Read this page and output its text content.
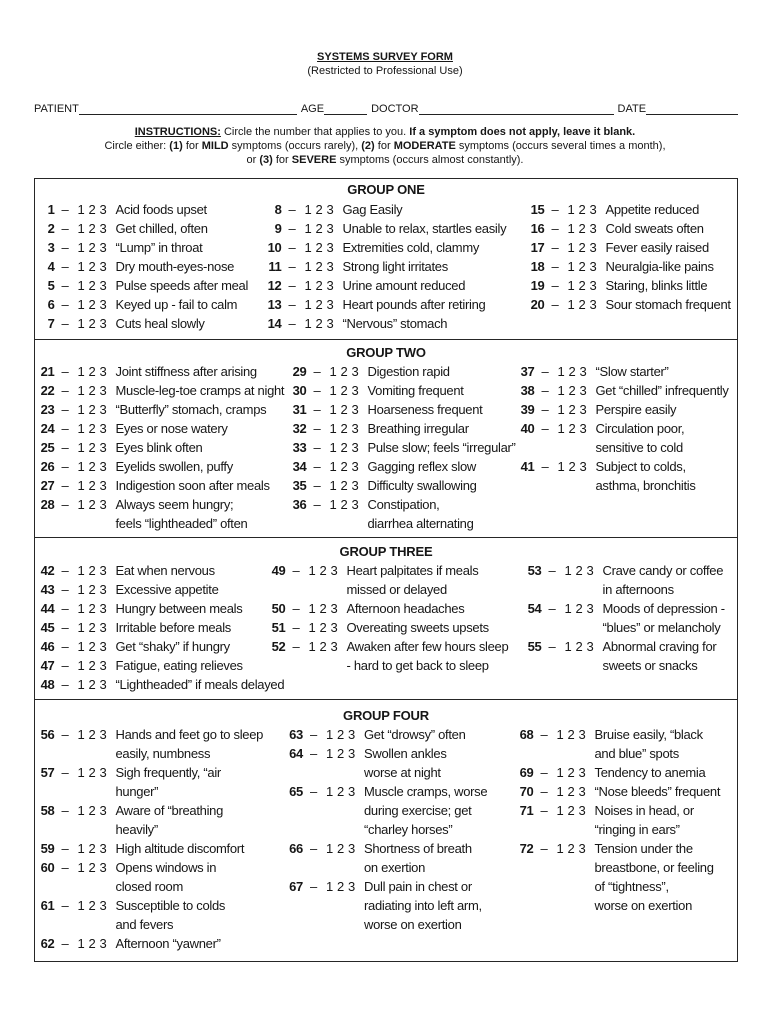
SYSTEMS SURVEY FORM
(Restricted to Professional Use)
PATIENT	AGE	DOCTOR	DATE
INSTRUCTIONS: Circle the number that applies to you. If a symptom does not apply, leave it blank.
Circle either: (1) for MILD symptoms (occurs rarely), (2) for MODERATE symptoms (occurs several times a month),
or (3) for SEVERE symptoms (occurs almost constantly).
GROUP ONE
1 – 1 2 3 Acid foods upset
2 – 1 2 3 Get chilled, often
3 – 1 2 3 “Lump” in throat
4 – 1 2 3 Dry mouth-eyes-nose
5 – 1 2 3 Pulse speeds after meal
6 – 1 2 3 Keyed up - fail to calm
7 – 1 2 3 Cuts heal slowly
8 – 1 2 3 Gag Easily
9 – 1 2 3 Unable to relax, startles easily
10 – 1 2 3 Extremities cold, clammy
11 – 1 2 3 Strong light irritates
12 – 1 2 3 Urine amount reduced
13 – 1 2 3 Heart pounds after retiring
14 – 1 2 3 “Nervous” stomach
15 – 1 2 3 Appetite reduced
16 – 1 2 3 Cold sweats often
17 – 1 2 3 Fever easily raised
18 – 1 2 3 Neuralgia-like pains
19 – 1 2 3 Staring, blinks little
20 – 1 2 3 Sour stomach frequent
GROUP TWO
21 – 1 2 3 Joint stiffness after arising
22 – 1 2 3 Muscle-leg-toe cramps at night
23 – 1 2 3 “Butterfly” stomach, cramps
24 – 1 2 3 Eyes or nose watery
25 – 1 2 3 Eyes blink often
26 – 1 2 3 Eyelids swollen, puffy
27 – 1 2 3 Indigestion soon after meals
28 – 1 2 3 Always seem hungry;
feels “lightheaded” often
29 – 1 2 3 Digestion rapid
30 – 1 2 3 Vomiting frequent
31 – 1 2 3 Hoarseness frequent
32 – 1 2 3 Breathing irregular
33 – 1 2 3 Pulse slow; feels “irregular”
34 – 1 2 3 Gagging reflex slow
35 – 1 2 3 Difficulty swallowing
36 – 1 2 3 Constipation,
diarrhea alternating
37 – 1 2 3 “Slow starter”
38 – 1 2 3 Get “chilled” infrequently
39 – 1 2 3 Perspire easily
40 – 1 2 3 Circulation poor,
sensitive to cold
41 – 1 2 3 Subject to colds,
asthma, bronchitis
GROUP THREE
42 – 1 2 3 Eat when nervous
43 – 1 2 3 Excessive appetite
44 – 1 2 3 Hungry between meals
45 – 1 2 3 Irritable before meals
46 – 1 2 3 Get “shaky” if hungry
47 – 1 2 3 Fatigue, eating relieves
48 – 1 2 3 “Lightheaded” if meals delayed
49 – 1 2 3 Heart palpitates if meals
missed or delayed
50 – 1 2 3 Afternoon headaches
51 – 1 2 3 Overeating sweets upsets
52 – 1 2 3 Awaken after few hours sleep
- hard to get back to sleep
53 – 1 2 3 Crave candy or coffee
in afternoons
54 – 1 2 3 Moods of depression -
“blues” or melancholy
55 – 1 2 3 Abnormal craving for
sweets or snacks
GROUP FOUR
56 – 1 2 3 Hands and feet go to sleep
easily, numbness
57 – 1 2 3 Sigh frequently, “air
hunger”
58 – 1 2 3 Aware of “breathing
heavily”
59 – 1 2 3 High altitude discomfort
60 – 1 2 3 Opens windows in
closed room
61 – 1 2 3 Susceptible to colds
and fevers
62 – 1 2 3 Afternoon “yawner”
63 – 1 2 3 Get “drowsy” often
64 – 1 2 3 Swollen ankles
worse at night
65 – 1 2 3 Muscle cramps, worse
during exercise; get
“charley horses”
66 – 1 2 3 Shortness of breath
on exertion
67 – 1 2 3 Dull pain in chest or
radiating into left arm,
worse on exertion
68 – 1 2 3 Bruise easily, “black
and blue” spots
69 – 1 2 3 Tendency to anemia
70 – 1 2 3 “Nose bleeds” frequent
71 – 1 2 3 Noises in head, or
“ringing in ears”
72 – 1 2 3 Tension under the
breastbone, or feeling
of “tightness”,
worse on exertion
